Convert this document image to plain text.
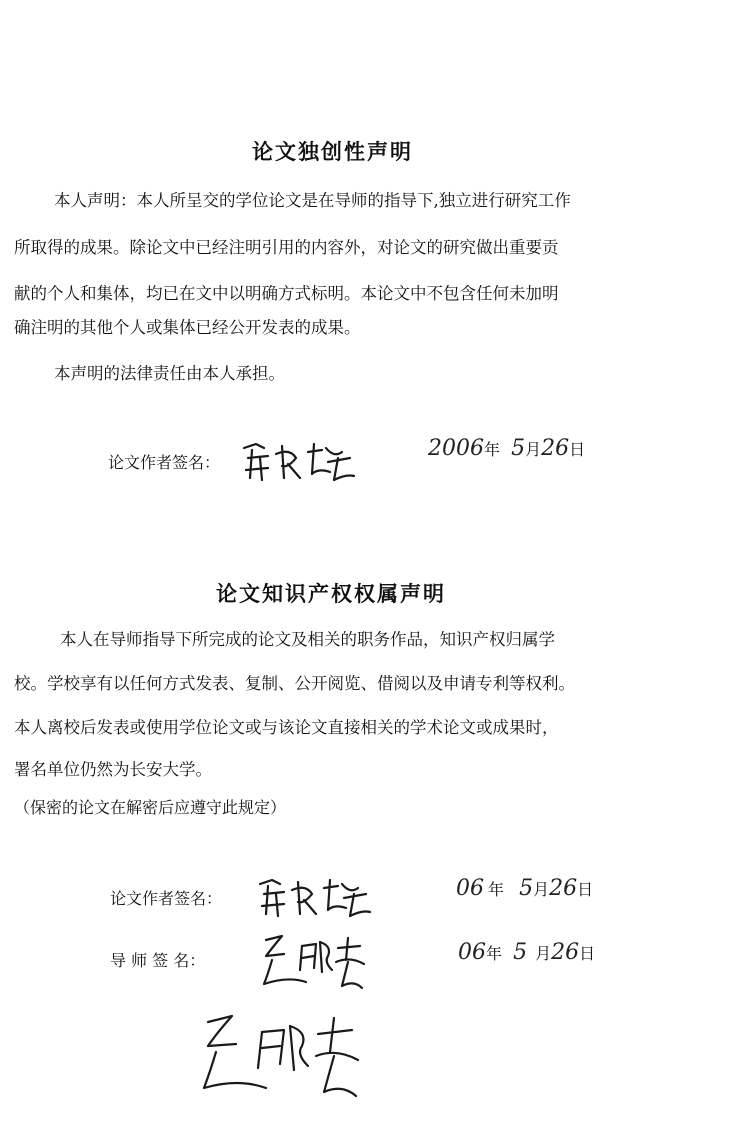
论文独创性声明
本人声明：本人所呈交的学位论文是在导师的指导下,独立进行研究工作
所取得的成果。除论文中已经注明引用的内容外，对论文的研究做出重要贡
献的个人和集体，均已在文中以明确方式标明。本论文中不包含任何未加明
确注明的其他个人或集体已经公开发表的成果。
本声明的法律责任由本人承担。
论文作者签名：
2006年 5月26日
论文知识产权权属声明
本人在导师指导下所完成的论文及相关的职务作品，知识产权归属学
校。学校享有以任何方式发表、复制、公开阅览、借阅以及申请专利等权利。
本人离校后发表或使用学位论文或与该论文直接相关的学术论文或成果时，
署名单位仍然为长安大学。
（保密的论文在解密后应遵守此规定）
论文作者签名：	06 年 5月26日
导 师 签 名：	06年 5 月26日
